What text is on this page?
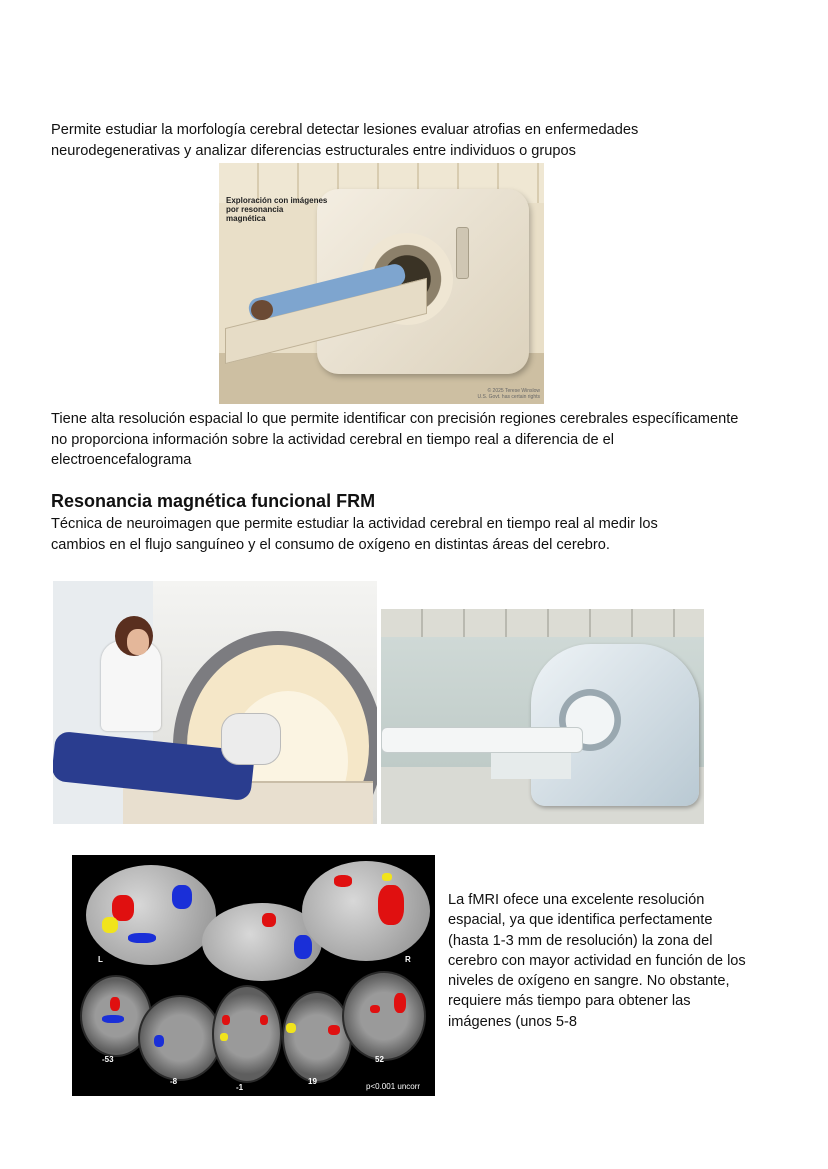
Permite estudiar la morfología cerebral detectar lesiones evaluar atrofias en enfermedades neurodegenerativas y analizar diferencias estructurales entre individuos o grupos

Exploración con imágenes
por resonancia
magnética
© 2025 Terese Winslow
U.S. Govt. has certain rights

Tiene alta resolución espacial lo que permite identificar con precisión regiones cerebrales específicamente no proporciona información sobre la actividad cerebral en tiempo real a diferencia de el electroencefalograma

Resonancia magnética funcional FRM

Técnica de neuroimagen que permite estudiar la actividad cerebral en tiempo real al medir los cambios en el flujo sanguíneo y el consumo de oxígeno en distintas áreas del cerebro.

L	R
-53
-8
-1
19
52
p<0.001 uncorr

La fMRI ofece una excelente resolución espacial, ya que identifica perfectamente (hasta 1-3 mm de resolución) la zona del cerebro con mayor actividad en función de los niveles de oxígeno en sangre. No obstante, requiere más tiempo para obtener las imágenes (unos 5-8
